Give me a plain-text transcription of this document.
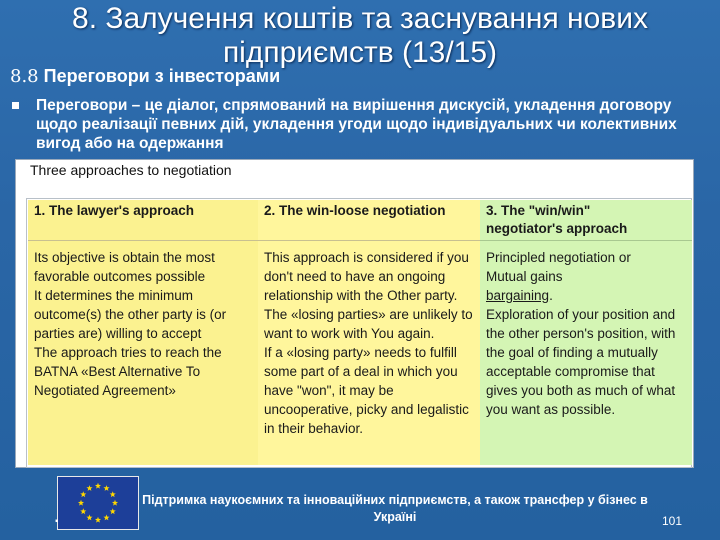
8. Залучення коштів та заснування нових підприємств (13/15)
8.8 Переговори з інвесторами
Переговори – це діалог, спрямований на вирішення дискусій, укладення договору щодо реалізації певних дій, укладення угоди щодо індивідуальних чи колективних вигод або на одержання
Three approaches to negotiation
1. The lawyer's approach
Its objective is obtain the most favorable outcomes possible
It determines the minimum outcome(s) the other party is (or parties are) willing to accept
The approach tries to reach the BATNA «Best Alternative To Negotiated Agreement»
2. The win-loose negotiation
This approach is considered if you don't need to have an ongoing relationship with the Other party.
The «losing parties» are unlikely to want to work with You again.
If a «losing party» needs to fulfill some part of a deal in which you have "won", it may be uncooperative, picky and legalistic in their behavior.
3. The "win/win"
negotiator's approach
Principled negotiation or
Mutual gains
bargaining.
Exploration of your position and the other person's position, with the goal of finding a mutually acceptable compromise that gives you both as much of what you want as possible.
▪
Підтримка наукоємних та інноваційних підприємств, а також трансфер у бізнес в Україні	101
